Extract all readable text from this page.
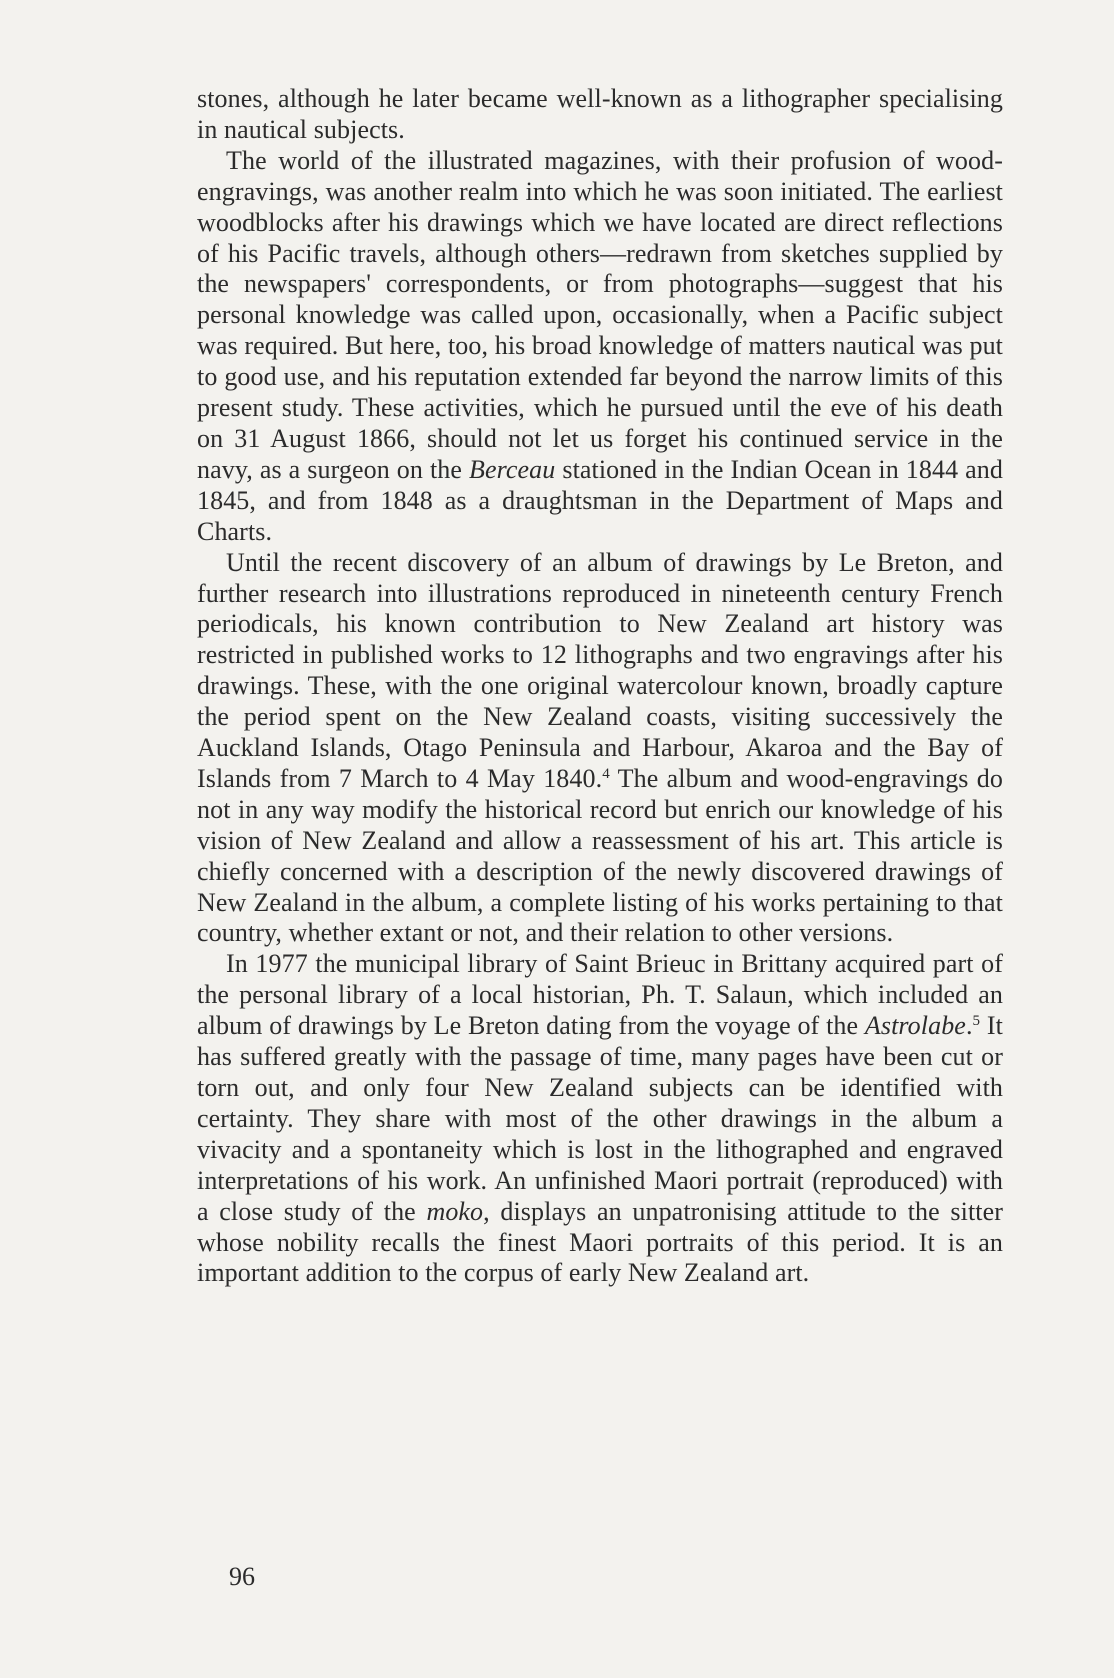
stones, although he later became well-known as a lithographer specialising in nautical subjects.

The world of the illustrated magazines, with their profusion of wood-engravings, was another realm into which he was soon initiated. The earliest woodblocks after his drawings which we have located are direct reflections of his Pacific travels, although others—redrawn from sketches supplied by the newspapers' correspondents, or from photographs—suggest that his personal knowledge was called upon, occasionally, when a Pacific subject was required. But here, too, his broad knowledge of matters nautical was put to good use, and his reputation extended far beyond the narrow limits of this present study. These activities, which he pursued until the eve of his death on 31 August 1866, should not let us forget his continued service in the navy, as a surgeon on the Berceau stationed in the Indian Ocean in 1844 and 1845, and from 1848 as a draughtsman in the Department of Maps and Charts.

Until the recent discovery of an album of drawings by Le Breton, and further research into illustrations reproduced in nineteenth century French periodicals, his known contribution to New Zealand art history was restricted in published works to 12 lithographs and two engravings after his drawings. These, with the one original watercolour known, broadly capture the period spent on the New Zealand coasts, visiting successively the Auckland Islands, Otago Peninsula and Harbour, Akaroa and the Bay of Islands from 7 March to 4 May 1840.$^4$ The album and wood-engravings do not in any way modify the historical record but enrich our knowledge of his vision of New Zealand and allow a reassessment of his art. This article is chiefly concerned with a description of the newly discovered drawings of New Zealand in the album, a complete listing of his works pertaining to that country, whether extant or not, and their relation to other versions.

In 1977 the municipal library of Saint Brieuc in Brittany acquired part of the personal library of a local historian, Ph. T. Salaun, which included an album of drawings by Le Breton dating from the voyage of the Astrolabe.$^5$ It has suffered greatly with the passage of time, many pages have been cut or torn out, and only four New Zealand subjects can be identified with certainty. They share with most of the other drawings in the album a vivacity and a spontaneity which is lost in the lithographed and engraved interpretations of his work. An unfinished Maori portrait (reproduced) with a close study of the moko, displays an unpatronising attitude to the sitter whose nobility recalls the finest Maori portraits of this period. It is an important addition to the corpus of early New Zealand art.

96
